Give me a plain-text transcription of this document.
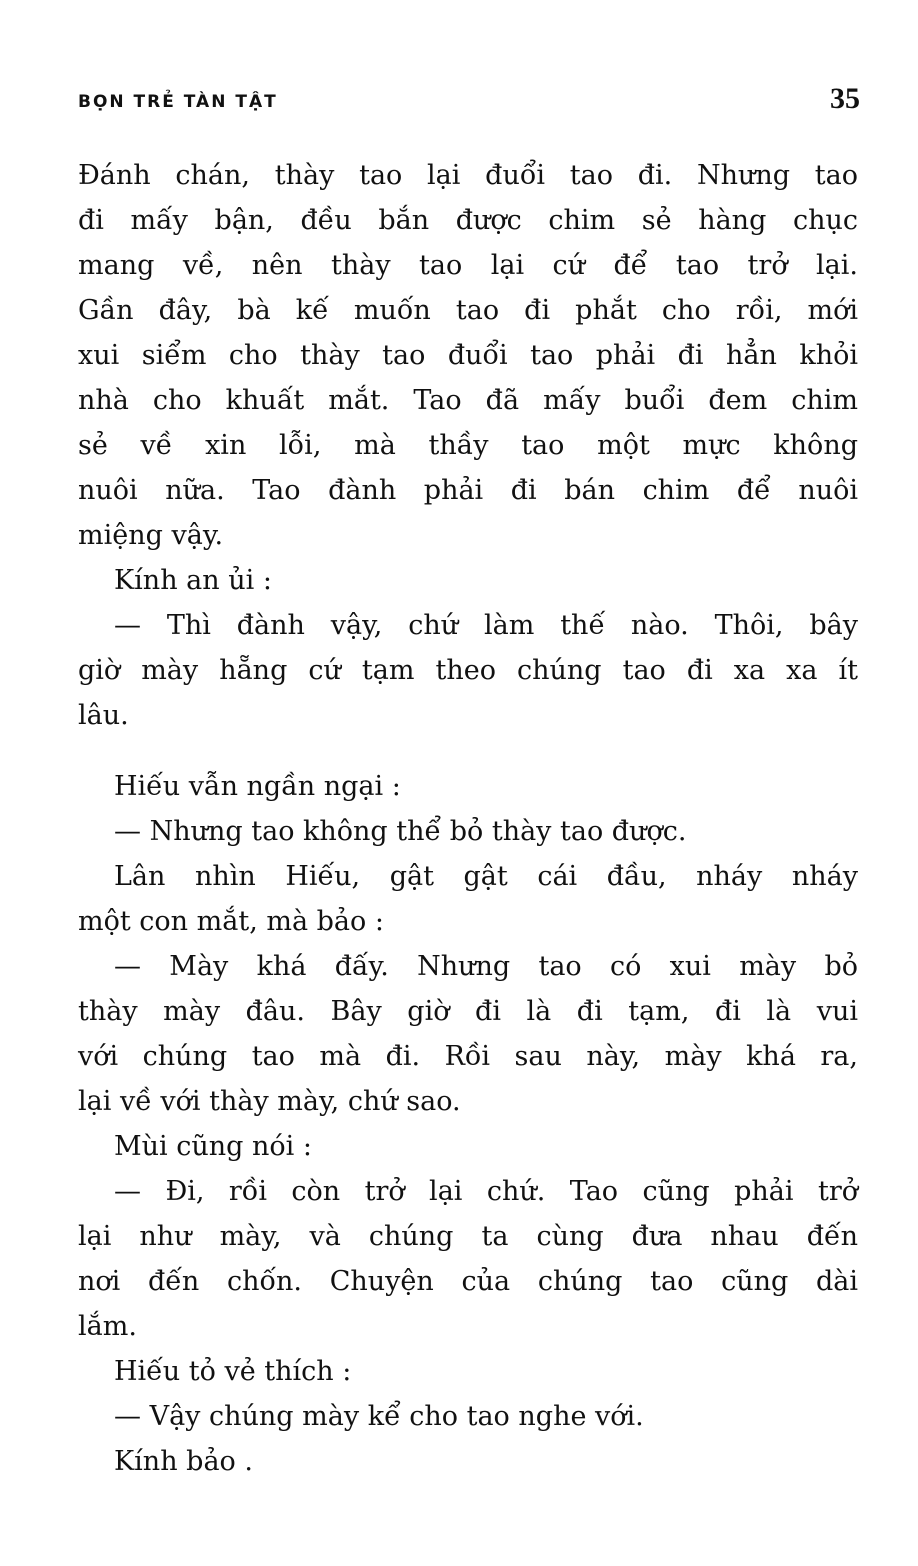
BỌN TRẺ TÀN TẬT	35
Đánh chán, thày tao lại đuổi tao đi. Nhưng tao
đi mấy bận, đều bắn được chim sẻ hàng chục
mang về, nên thày tao lại cứ để tao trở lại.
Gần đây, bà kế muốn tao đi phắt cho rồi, mới
xui siểm cho thày tao đuổi tao phải đi hẳn khỏi
nhà cho khuất mắt. Tao đã mấy buổi đem chim
sẻ về xin lỗi, mà thầy tao một mực không
nuôi nữa. Tao đành phải đi bán chim để nuôi
miệng vậy.
Kính an ủi :
— Thì đành vậy, chứ làm thế nào. Thôi, bây
giờ mày hẵng cứ tạm theo chúng tao đi xa xa ít
lâu.
Hiếu vẫn ngần ngại :
— Nhưng tao không thể bỏ thày tao được.
Lân nhìn Hiếu, gật gật cái đầu, nháy nháy
một con mắt, mà bảo :
— Mày khá đấy. Nhưng tao có xui mày bỏ
thày mày đâu. Bây giờ đi là đi tạm, đi là vui
với chúng tao mà đi. Rồi sau này, mày khá ra,
lại về với thày mày, chứ sao.
Mùi cũng nói :
— Đi, rồi còn trở lại chứ. Tao cũng phải trở
lại như mày, và chúng ta cùng đưa nhau đến
nơi đến chốn. Chuyện của chúng tao cũng dài
lắm.
Hiếu tỏ vẻ thích :
— Vậy chúng mày kể cho tao nghe với.
Kính bảo .
